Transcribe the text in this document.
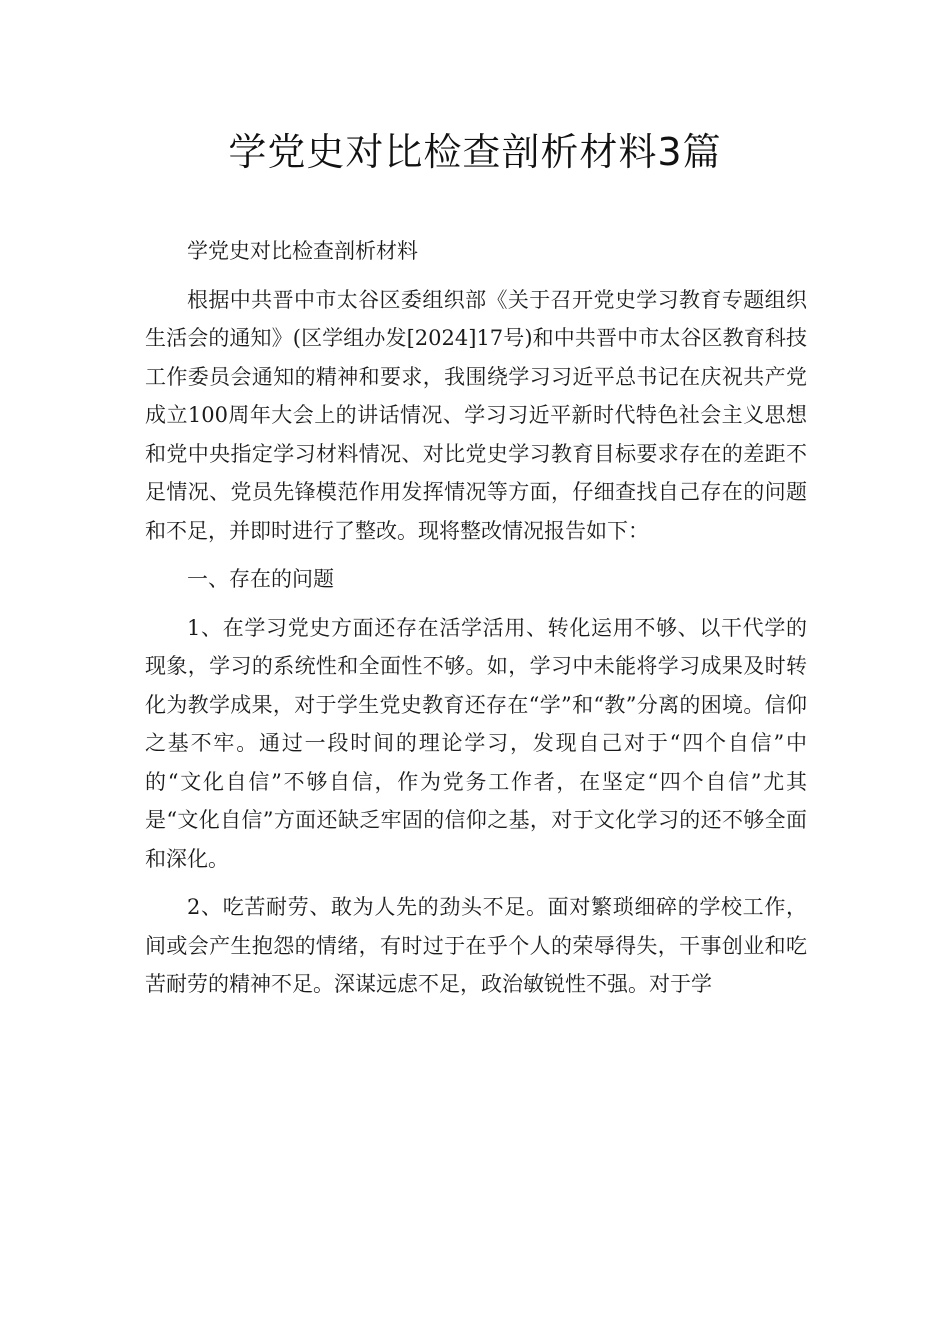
学党史对比检查剖析材料3篇

学党史对比检查剖析材料

根据中共晋中市太谷区委组织部《关于召开党史学习教育专题组织生活会的通知》(区学组办发[2024]17号)和中共晋中市太谷区教育科技工作委员会通知的精神和要求，我围绕学习习近平总书记在庆祝共产党成立100周年大会上的讲话情况、学习习近平新时代特色社会主义思想和党中央指定学习材料情况、对比党史学习教育目标要求存在的差距不足情况、党员先锋模范作用发挥情况等方面，仔细查找自己存在的问题和不足，并即时进行了整改。现将整改情况报告如下：

一、存在的问题

1、在学习党史方面还存在活学活用、转化运用不够、以干代学的现象，学习的系统性和全面性不够。如，学习中未能将学习成果及时转化为教学成果，对于学生党史教育还存在“学”和“教”分离的困境。信仰之基不牢。通过一段时间的理论学习，发现自己对于“四个自信”中的“文化自信”不够自信，作为党务工作者，在坚定“四个自信”尤其是“文化自信”方面还缺乏牢固的信仰之基，对于文化学习的还不够全面和深化。

2、吃苦耐劳、敢为人先的劲头不足。面对繁琐细碎的学校工作，间或会产生抱怨的情绪，有时过于在乎个人的荣辱得失，干事创业和吃苦耐劳的精神不足。深谋远虑不足，政治敏锐性不强。对于学
